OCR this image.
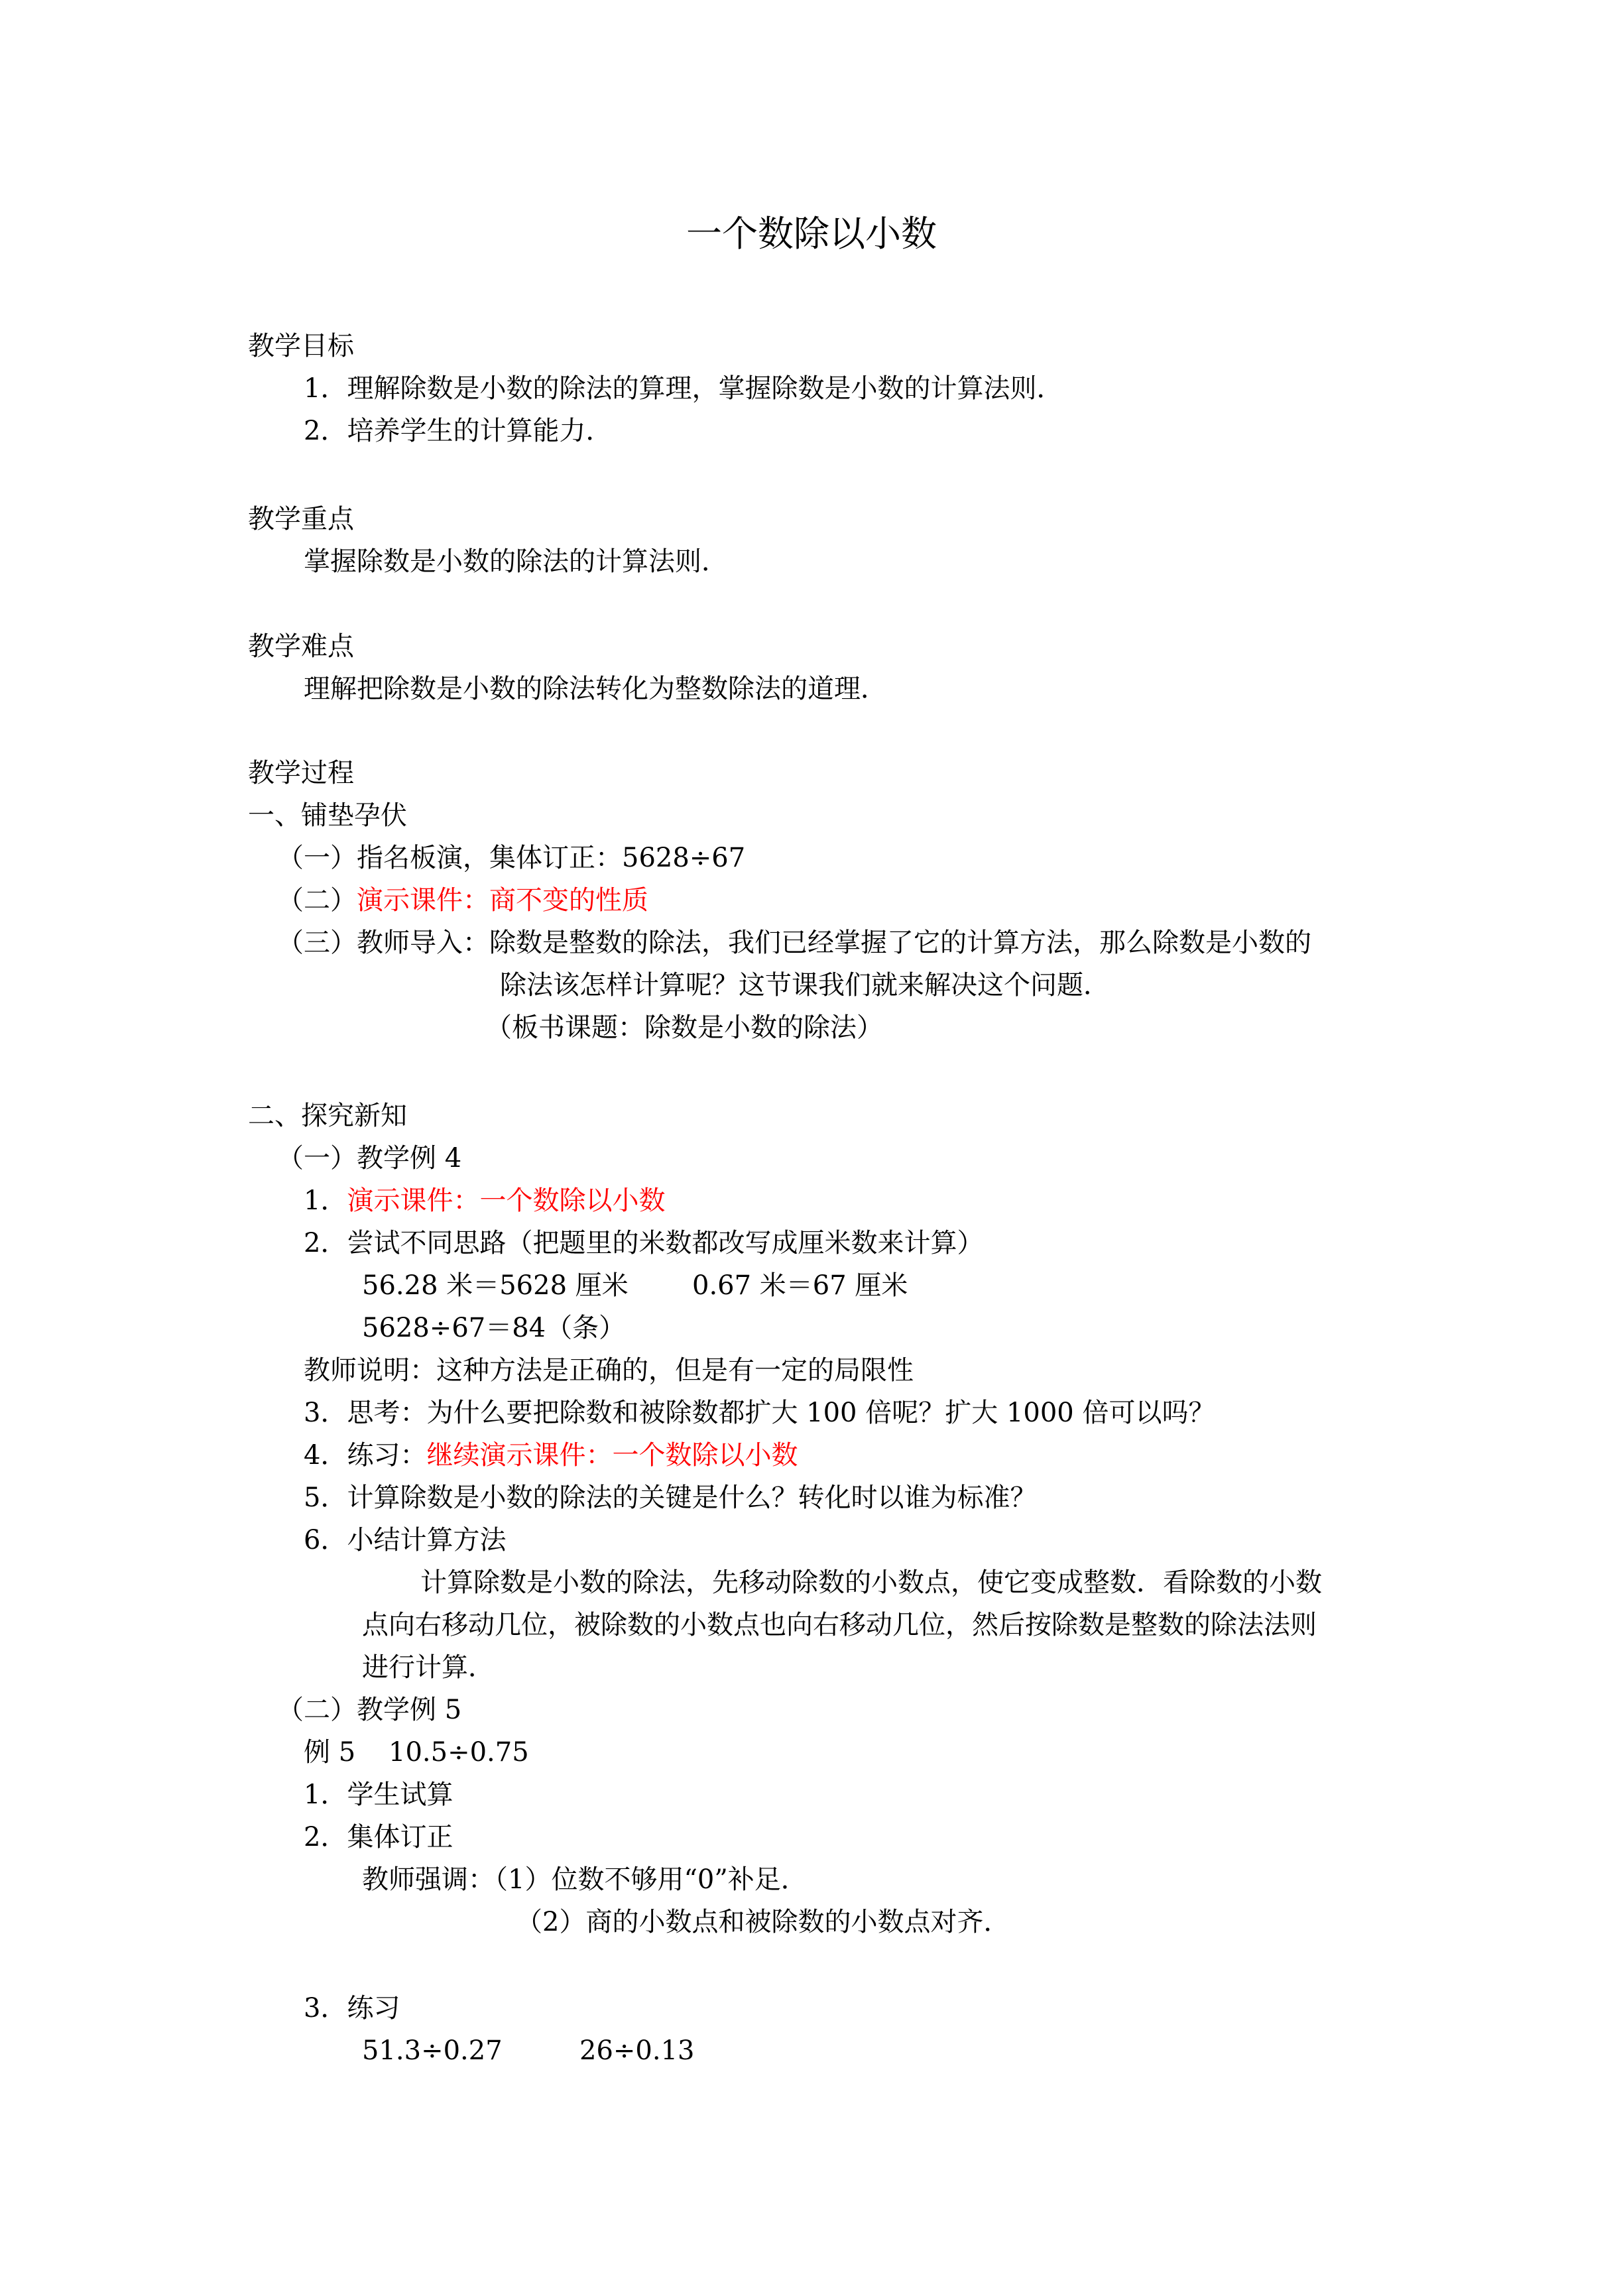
一个数除以小数
教学目标
1．理解除数是小数的除法的算理，掌握除数是小数的计算法则．
2．培养学生的计算能力．
教学重点
掌握除数是小数的除法的计算法则．
教学难点
理解把除数是小数的除法转化为整数除法的道理．
教学过程
一、铺垫孕伏
（一）指名板演，集体订正：5628÷67
（二）演示课件：商不变的性质
（三）教师导入：除数是整数的除法，我们已经掌握了它的计算方法，那么除数是小数的
除法该怎样计算呢？这节课我们就来解决这个问题．
（板书课题：除数是小数的除法）
二、探究新知
（一）教学例 4
1．演示课件：一个数除以小数
2．尝试不同思路（把题里的米数都改写成厘米数来计算）
56.28 米＝5628 厘米 0.67 米＝67 厘米
5628÷67＝84（条）
教师说明：这种方法是正确的，但是有一定的局限性
3．思考：为什么要把除数和被除数都扩大 100 倍呢？扩大 1000 倍可以吗？
4．练习：继续演示课件：一个数除以小数
5．计算除数是小数的除法的关键是什么？转化时以谁为标准？
6．小结计算方法
计算除数是小数的除法，先移动除数的小数点，使它变成整数．看除数的小数
点向右移动几位，被除数的小数点也向右移动几位，然后按除数是整数的除法法则
进行计算．
（二）教学例 5
例 5 10.5÷0.75
1．学生试算
2．集体订正
教师强调：（1）位数不够用“0”补足．
（2）商的小数点和被除数的小数点对齐．
3．练习
51.3÷0.27	26÷0.13
